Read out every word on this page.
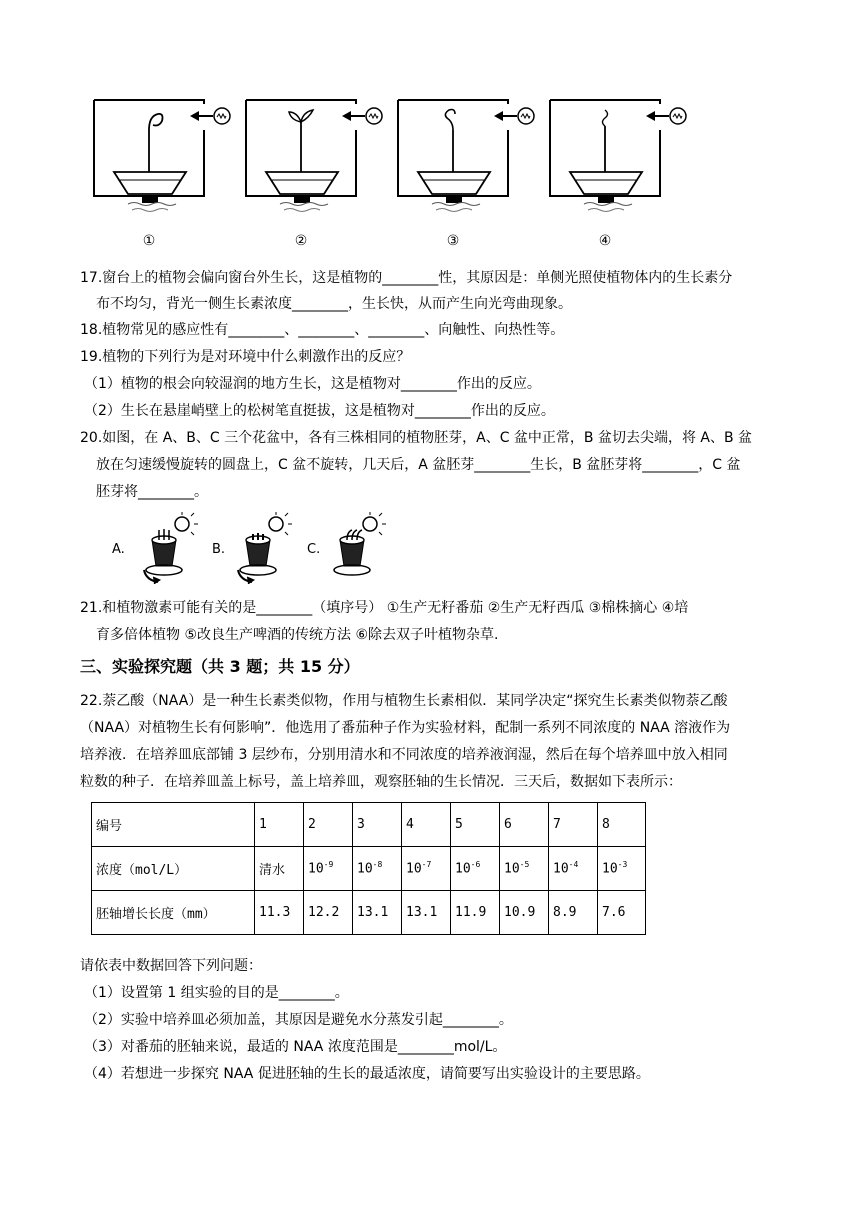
①	②	③	④
17.窗台上的植物会偏向窗台外生长，这是植物的________性，其原因是：单侧光照使植物体内的生长素分
布不均匀，背光一侧生长素浓度________，生长快，从而产生向光弯曲现象。
18.植物常见的感应性有________、________、________、向触性、向热性等。
19.植物的下列行为是对环境中什么刺激作出的反应？
（1）植物的根会向较湿润的地方生长，这是植物对________作出的反应。
（2）生长在悬崖峭壁上的松树笔直挺拔，这是植物对________作出的反应。
20.如图，在 A、B、C 三个花盆中，各有三株相同的植物胚芽，A、C 盆中正常，B 盆切去尖端，将 A、B 盆
放在匀速缓慢旋转的圆盘上，C 盆不旋转，几天后，A 盆胚芽________生长，B 盆胚芽将________，C 盆
胚芽将________。
A.	B.	C.
21.和植物激素可能有关的是________（填序号） ①生产无籽番茄 ②生产无籽西瓜 ③棉株摘心 ④培
育多倍体植物 ⑤改良生产啤酒的传统方法 ⑥除去双子叶植物杂草.
三、实验探究题（共 3 题；共 15 分）
22.萘乙酸（NAA）是一种生长素类似物，作用与植物生长素相似．某同学决定“探究生长素类似物萘乙酸
（NAA）对植物生长有何影响”．他选用了番茄种子作为实验材料，配制一系列不同浓度的 NAA 溶液作为
培养液．在培养皿底部铺 3 层纱布，分别用清水和不同浓度的培养液润湿，然后在每个培养皿中放入相同
粒数的种子．在培养皿盖上标号，盖上培养皿，观察胚轴的生长情况．三天后，数据如下表所示：
编号	1	2	3	4	5	6	7	8
浓度（mol/L）	清水	$10^{-9}$	$10^{-8}$	$10^{-7}$	$10^{-6}$	$10^{-5}$	$10^{-4}$	$10^{-3}$
胚轴增长长度（mm）	11.3	12.2	13.1	13.1	11.9	10.9	8.9	7.6
请依表中数据回答下列问题：
（1）设置第 1 组实验的目的是________。
（2）实验中培养皿必须加盖，其原因是避免水分蒸发引起________。
（3）对番茄的胚轴来说，最适的 NAA 浓度范围是________mol/L。
（4）若想进一步探究 NAA 促进胚轴的生长的最适浓度，请简要写出实验设计的主要思路。
